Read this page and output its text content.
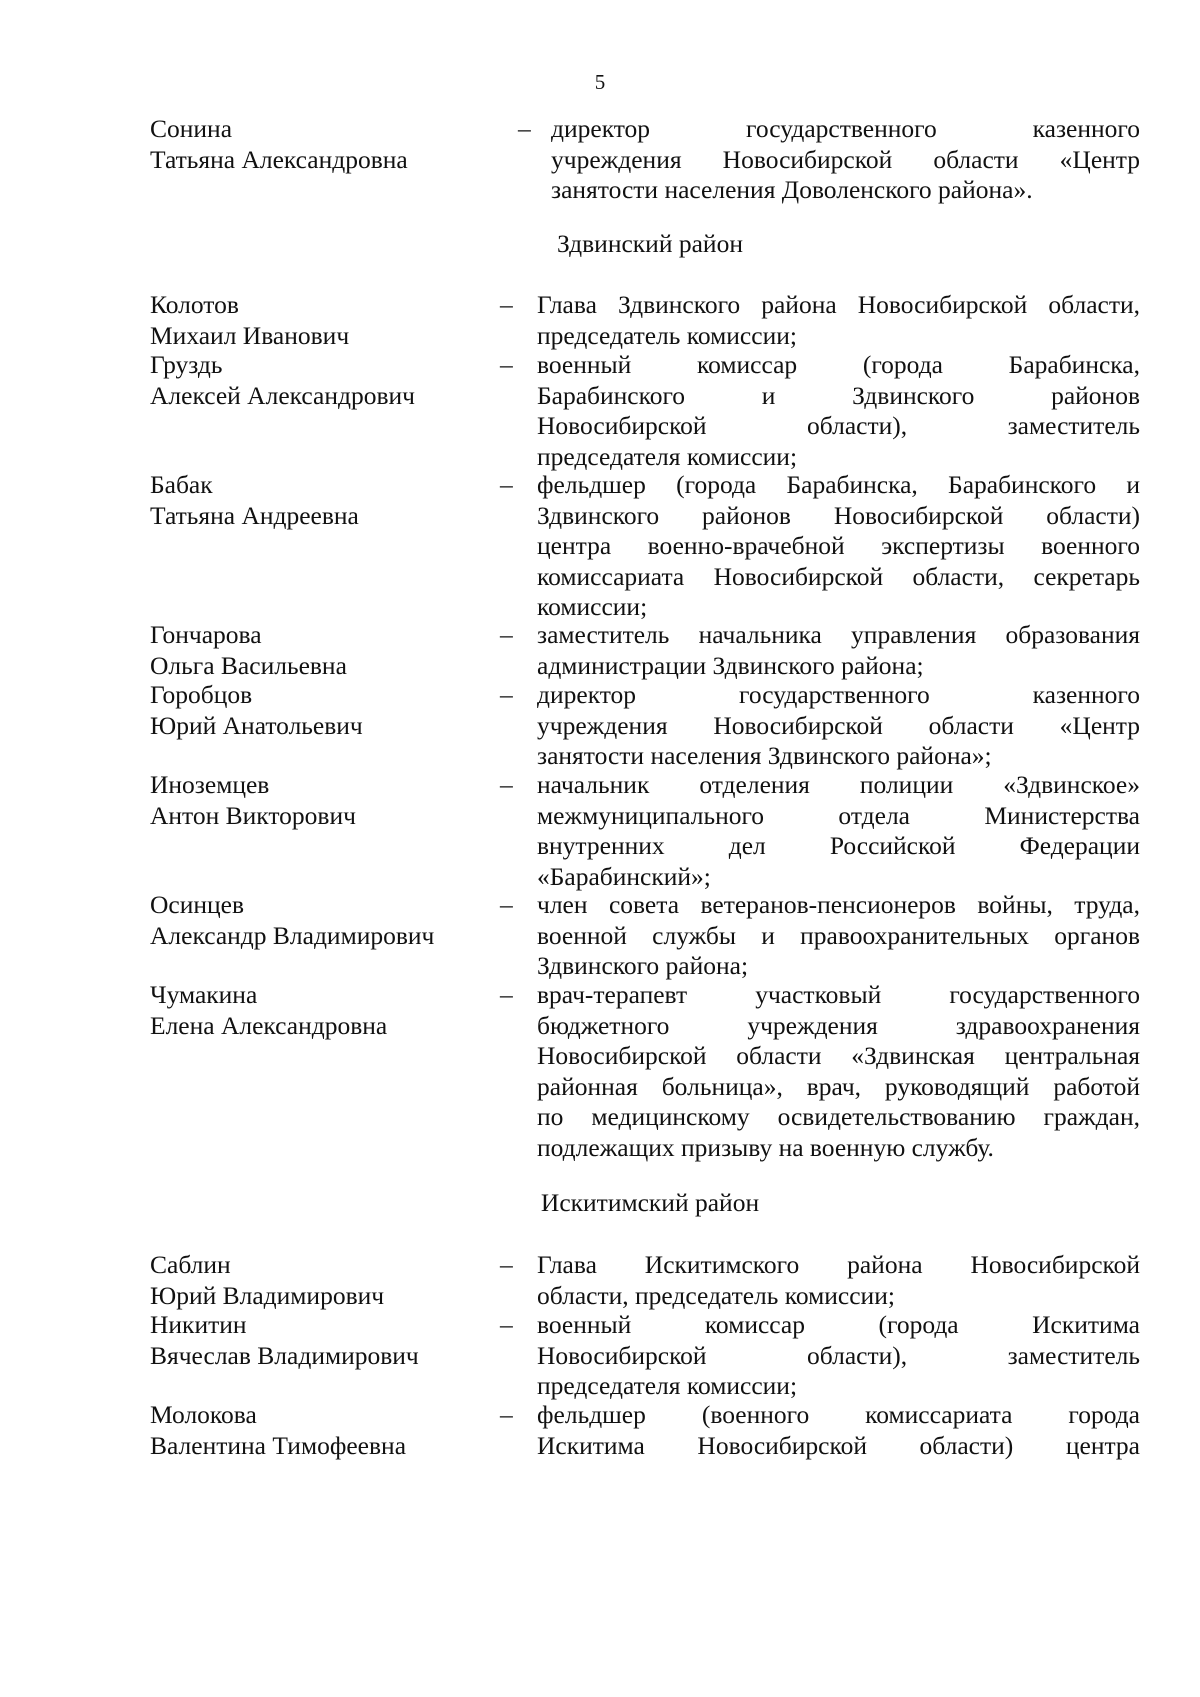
5
Сонина
Татьяна Александровна
– директор государственного казенного
учреждения Новосибирской области «Центр
занятости населения Доволенского района».
Здвинский район
Колотов
Михаил Иванович
– Глава Здвинского района Новосибирской области,
председатель комиссии;
Груздь
Алексей Александрович
– военный комиссар (города Барабинска,
Барабинского и Здвинского районов
Новосибирской области), заместитель
председателя комиссии;
Бабак
Татьяна Андреевна
– фельдшер (города Барабинска, Барабинского и
Здвинского районов Новосибирской области)
центра военно-врачебной экспертизы военного
комиссариата Новосибирской области, секретарь
комиссии;
Гончарова
Ольга Васильевна
– заместитель начальника управления образования
администрации Здвинского района;
Горобцов
Юрий Анатольевич
– директор государственного казенного
учреждения Новосибирской области «Центр
занятости населения Здвинского района»;
Иноземцев
Антон Викторович
– начальник отделения полиции «Здвинское»
межмуниципального отдела Министерства
внутренних дел Российской Федерации
«Барабинский»;
Осинцев
Александр Владимирович
– член совета ветеранов-пенсионеров войны, труда,
военной службы и правоохранительных органов
Здвинского района;
Чумакина
Елена Александровна
– врач-терапевт участковый государственного
бюджетного учреждения здравоохранения
Новосибирской области «Здвинская центральная
районная больница», врач, руководящий работой
по медицинскому освидетельствованию граждан,
подлежащих призыву на военную службу.
Искитимский район
Саблин
Юрий Владимирович
– Глава Искитимского района Новосибирской
области, председатель комиссии;
Никитин
Вячеслав Владимирович
– военный комиссар (города Искитима
Новосибирской области), заместитель
председателя комиссии;
Молокова
Валентина Тимофеевна
– фельдшер (военного комиссариата города
Искитима Новосибирской области) центра
